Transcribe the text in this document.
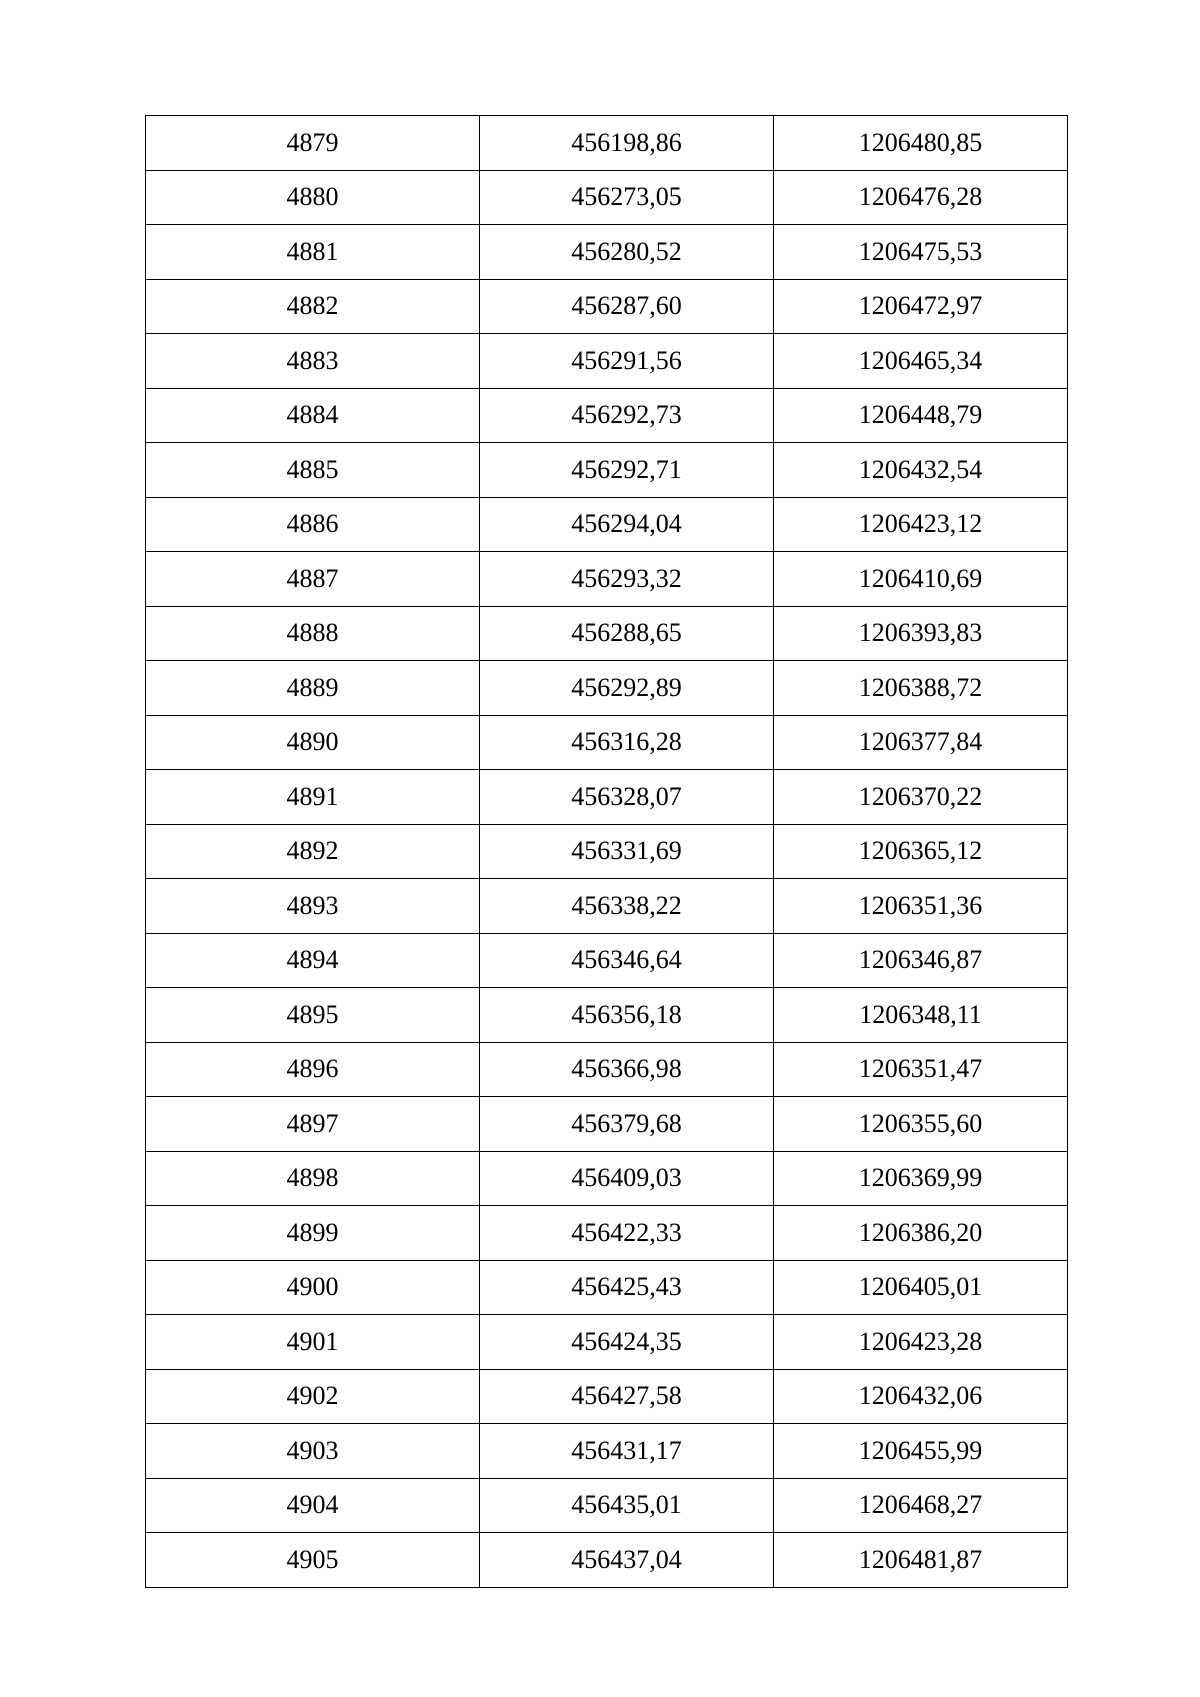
4879	456198,86	1206480,85
4880	456273,05	1206476,28
4881	456280,52	1206475,53
4882	456287,60	1206472,97
4883	456291,56	1206465,34
4884	456292,73	1206448,79
4885	456292,71	1206432,54
4886	456294,04	1206423,12
4887	456293,32	1206410,69
4888	456288,65	1206393,83
4889	456292,89	1206388,72
4890	456316,28	1206377,84
4891	456328,07	1206370,22
4892	456331,69	1206365,12
4893	456338,22	1206351,36
4894	456346,64	1206346,87
4895	456356,18	1206348,11
4896	456366,98	1206351,47
4897	456379,68	1206355,60
4898	456409,03	1206369,99
4899	456422,33	1206386,20
4900	456425,43	1206405,01
4901	456424,35	1206423,28
4902	456427,58	1206432,06
4903	456431,17	1206455,99
4904	456435,01	1206468,27
4905	456437,04	1206481,87
